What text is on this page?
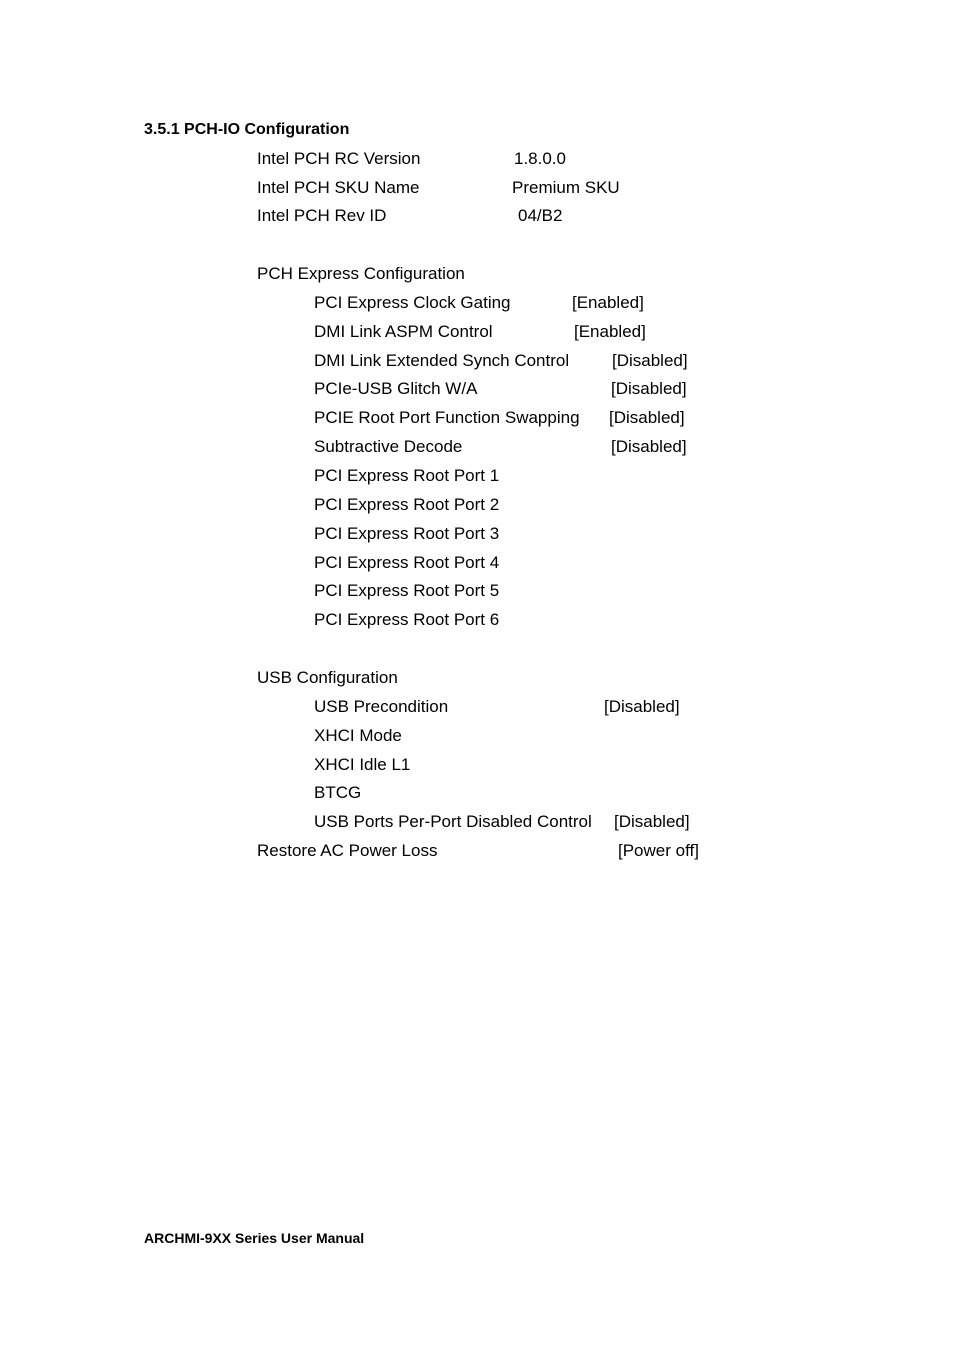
3.5.1 PCH-IO Configuration
Intel PCH RC Version	1.8.0.0
Intel PCH SKU Name	Premium SKU
Intel PCH Rev ID	04/B2
PCH Express Configuration
PCI Express Clock Gating	[Enabled]
DMI Link ASPM Control	[Enabled]
DMI Link Extended Synch Control	[Disabled]
PCIe-USB Glitch W/A	[Disabled]
PCIE Root Port Function Swapping [Disabled]
Subtractive Decode	[Disabled]
PCI Express Root Port 1
PCI Express Root Port 2
PCI Express Root Port 3
PCI Express Root Port 4
PCI Express Root Port 5
PCI Express Root Port 6
USB Configuration
USB Precondition	[Disabled]
XHCI Mode
XHCI Idle L1
BTCG
USB Ports Per-Port Disabled Control [Disabled]
Restore AC Power Loss	[Power off]
ARCHMI-9XX Series User Manual
